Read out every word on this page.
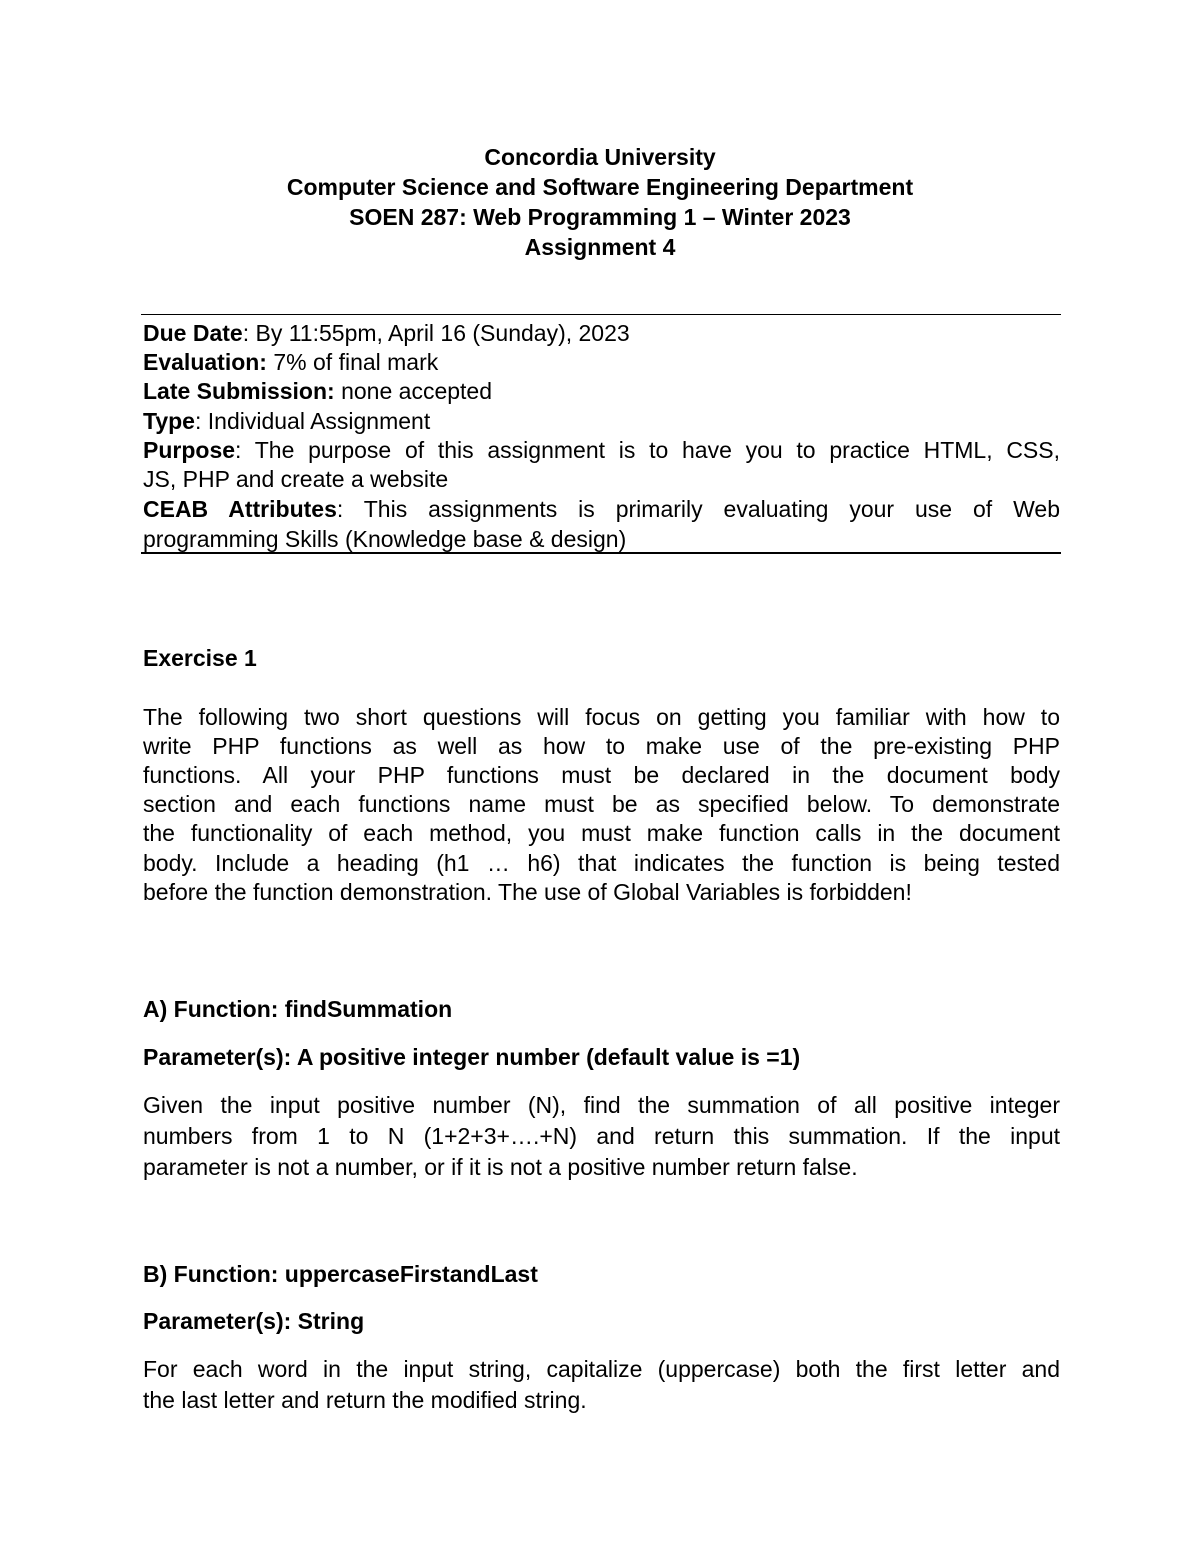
Concordia University
Computer Science and Software Engineering Department
SOEN 287: Web Programming 1 – Winter 2023
Assignment 4
Due Date: By 11:55pm, April 16 (Sunday), 2023
Evaluation: 7% of final mark
Late Submission: none accepted
Type: Individual Assignment
Purpose: The purpose of this assignment is to have you to practice HTML, CSS,
JS, PHP and create a website
CEAB Attributes: This assignments is primarily evaluating your use of Web
programming Skills (Knowledge base & design)
Exercise 1
The following two short questions will focus on getting you familiar with how to
write PHP functions as well as how to make use of the pre-existing PHP
functions. All your PHP functions must be declared in the document body
section and each functions name must be as specified below. To demonstrate
the functionality of each method, you must make function calls in the document
body. Include a heading (h1 … h6) that indicates the function is being tested
before the function demonstration. The use of Global Variables is forbidden!
A) Function: findSummation
Parameter(s): A positive integer number (default value is =1)
Given the input positive number (N), find the summation of all positive integer
numbers from 1 to N (1+2+3+….+N) and return this summation. If the input
parameter is not a number, or if it is not a positive number return false.
B) Function: uppercaseFirstandLast
Parameter(s): String
For each word in the input string, capitalize (uppercase) both the first letter and
the last letter and return the modified string.
